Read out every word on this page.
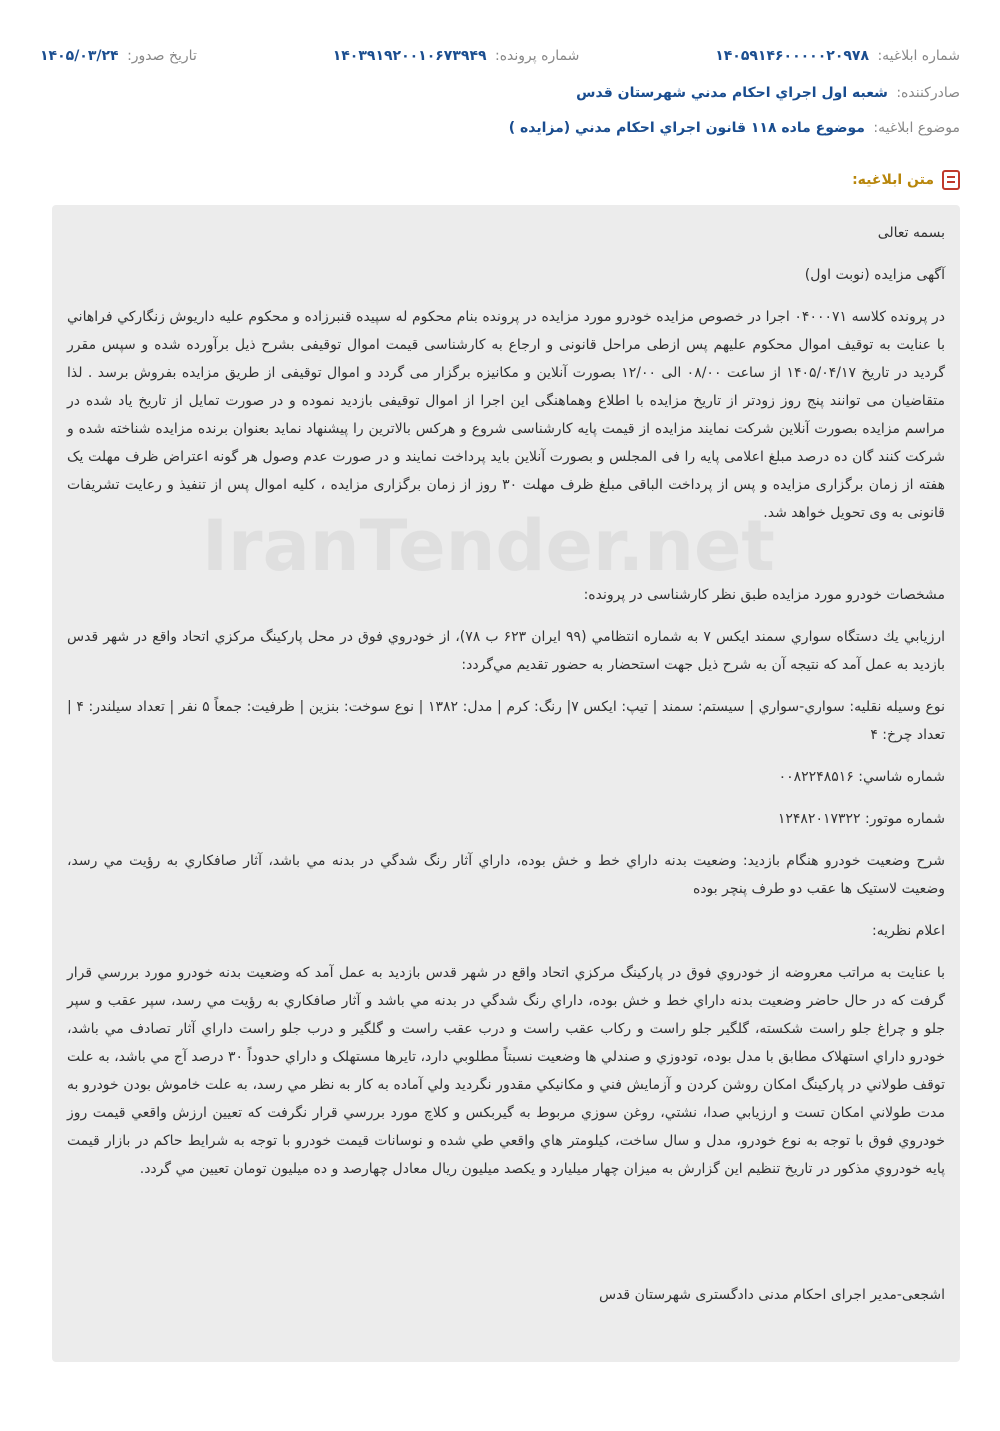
شماره ابلاغیه: ۱۴۰۵۹۱۴۶۰۰۰۰۰۲۰۹۷۸
شماره پرونده: ۱۴۰۳۹۱۹۲۰۰۱۰۶۷۳۹۴۹
تاریخ صدور: ۱۴۰۵/۰۳/۲۴
صادرکننده: شعبه اول اجراي احکام مدني شهرستان قدس
موضوع ابلاغیه: موضوع ماده ۱۱۸ قانون اجراي احکام مدني (مزايده )
متن ابلاغیه:
IranTender.net

بسمه تعالی

آگهی مزایده (نوبت اول)

در پرونده کلاسه ۰۴۰۰۰۷۱ اجرا در خصوص مزایده خودرو مورد مزایده در پرونده بنام محکوم له سپیده قنبرزاده و محکوم علیه داریوش زنگارکي فراهاني با عنایت به توقیف اموال محکوم علیهم پس ازطی مراحل قانونی و ارجاع به کارشناسی قیمت اموال توقیفی بشرح ذیل برآورده شده و سپس مقرر گردید در تاریخ ۱۴۰۵/۰۴/۱۷ از ساعت ۰۸/۰۰ الی ۱۲/۰۰ بصورت آنلاین و مکانیزه برگزار می گردد و اموال توقیفی از طریق مزایده بفروش برسد . لذا متقاضیان می توانند پنج روز زودتر از تاریخ مزایده با اطلاع وهماهنگی این اجرا از اموال توقیفی بازدید نموده و در صورت تمایل از تاریخ یاد شده در مراسم مزایده بصورت آنلاین شرکت نمایند مزایده از قیمت پایه کارشناسی شروع و هرکس بالاترین را پیشنهاد نماید بعنوان برنده مزایده شناخته شده و شرکت کنند گان ده درصد مبلغ اعلامی پایه را فی المجلس و بصورت آنلاین باید پرداخت نمایند و در صورت عدم وصول هر گونه اعتراض ظرف مهلت یک هفته از زمان برگزاری مزایده و پس از پرداخت الباقی مبلغ ظرف مهلت ۳۰ روز از زمان برگزاری مزایده ، کلیه اموال پس از تنفیذ و رعایت تشریفات قانونی به وی تحویل خواهد شد.

مشخصات خودرو مورد مزایده طبق نظر کارشناسی در پرونده:

ارزيابي يك دستگاه سواري سمند ايكس ۷ به شماره انتظامي (۹۹ ایران ۶۲۳ ب ۷۸)، از خودروي فوق در محل پارکينگ مرکزي اتحاد واقع در شهر قدس بازديد به عمل آمد كه نتيجه آن به شرح ذيل جهت استحضار به حضور تقديم مي‌گردد:

نوع وسيله نقليه: سواري-سواري | سيستم: سمند | تيپ: ايکس ۷| رنگ: کرم | مدل: ۱۳۸۲ | نوع سوخت: بنزين | ظرفيت: جمعاً ۵ نفر | تعداد سيلندر: ۴ | تعداد چرخ: ۴

شماره شاسي: ۰۰۸۲۲۴۸۵۱۶

شماره موتور: ۱۲۴۸۲۰۱۷۳۲۲

شرح وضعيت خودرو هنگام بازديد: وضعيت بدنه داراي خط و خش بوده، داراي آثار رنگ شدگي در بدنه مي باشد، آثار صافکاري به رؤيت مي رسد، وضعيت لاستيک ها عقب دو طرف پنچر بوده

اعلام نظريه:

با عنايت به مراتب معروضه از خودروي فوق در پارکينگ مرکزي اتحاد واقع در شهر قدس بازديد به عمل آمد که وضعيت بدنه خودرو مورد بررسي قرار گرفت که در حال حاضر وضعيت بدنه داراي خط و خش بوده، داراي رنگ شدگي در بدنه مي باشد و آثار صافکاري به رؤيت مي رسد، سپر عقب و سپر جلو و چراغ جلو راست شکسته، گلگير جلو راست و رکاب عقب راست و درب عقب راست و گلگير و درب جلو راست داراي آثار تصادف مي باشد، خودرو داراي استهلاک مطابق با مدل بوده، تودوزي و صندلي ها وضعيت نسبتاً مطلوبي دارد، تايرها مستهلک و داراي حدوداً ۳۰ درصد آج مي باشد، به علت توقف طولاني در پارکينگ امکان روشن کردن و آزمايش فني و مکانيکي مقدور نگرديد ولي آماده به کار به نظر مي رسد، به علت خاموش بودن خودرو به مدت طولاني امکان تست و ارزيابي صدا، نشتي، روغن سوزي مربوط به گيربکس و کلاچ مورد بررسي قرار نگرفت که تعيين ارزش واقعي قيمت روز خودروي فوق با توجه به نوع خودرو، مدل و سال ساخت، کيلومتر هاي واقعي طي شده و نوسانات قيمت خودرو با توجه به شرايط حاکم در بازار قيمت پايه خودروي مذکور در تاريخ تنظيم اين گزارش به ميزان چهار ميليارد و يکصد ميليون ريال معادل چهارصد و ده ميليون تومان تعيين مي گردد.

اشجعی-مدیر اجرای احکام مدنی دادگستری شهرستان قدس
